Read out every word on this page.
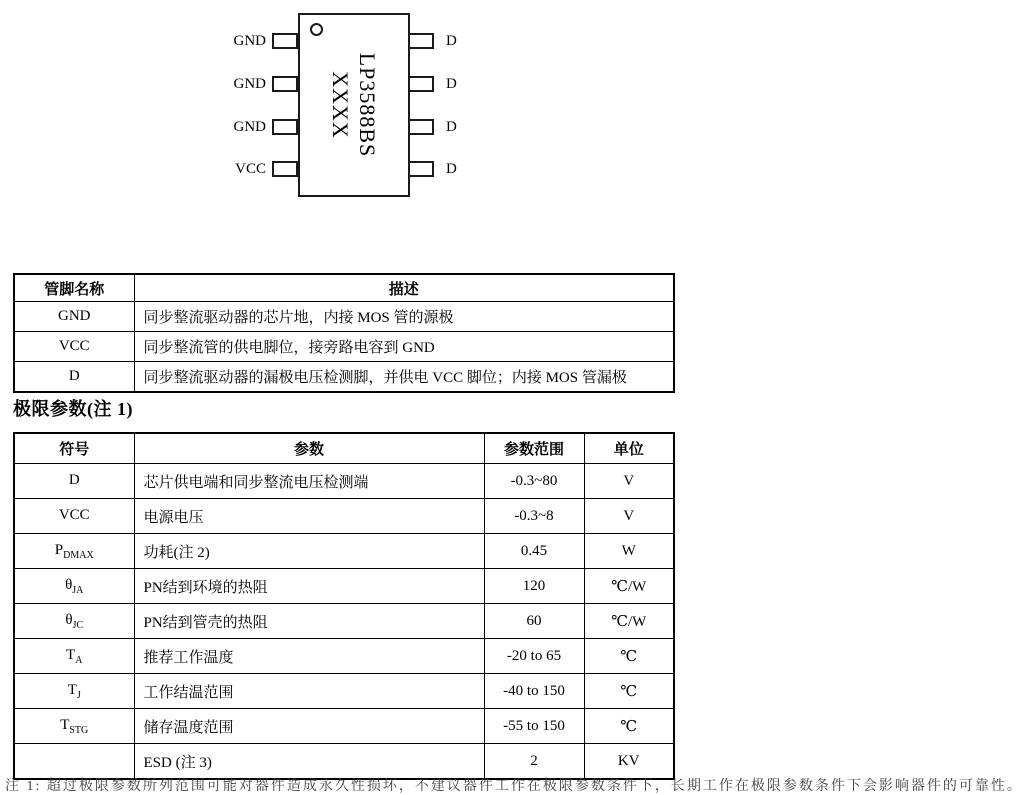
GND
GND
GND
VCC
D
D
D
D
LP3588BS
XXXX
管脚名称	描述
GND	同步整流驱动器的芯片地，内接 MOS 管的源极
VCC	同步整流管的供电脚位，接旁路电容到 GND
D	同步整流驱动器的漏极电压检测脚，并供电 VCC 脚位；内接 MOS 管漏极
极限参数(注 1)
符号	参数	参数范围	单位
D	芯片供电端和同步整流电压检测端	-0.3~80	V
VCC	电源电压	-0.3~8	V
$P_{DMAX}$	功耗(注 2)	0.45	W
$\theta_{JA}$	PN结到环境的热阻	120	℃/W
$\theta_{JC}$	PN结到管壳的热阻	60	℃/W
$T_A$	推荐工作温度	-20 to 65	℃
$T_J$	工作结温范围	-40 to 150	℃
$T_{STG}$	储存温度范围	-55 to 150	℃
	ESD (注 3)	2	KV
注 1: 超过极限参数所列范围可能对器件造成永久性损坏，不建议器件工作在极限参数条件下，长期工作在极限参数条件下会影响器件的可靠性。
